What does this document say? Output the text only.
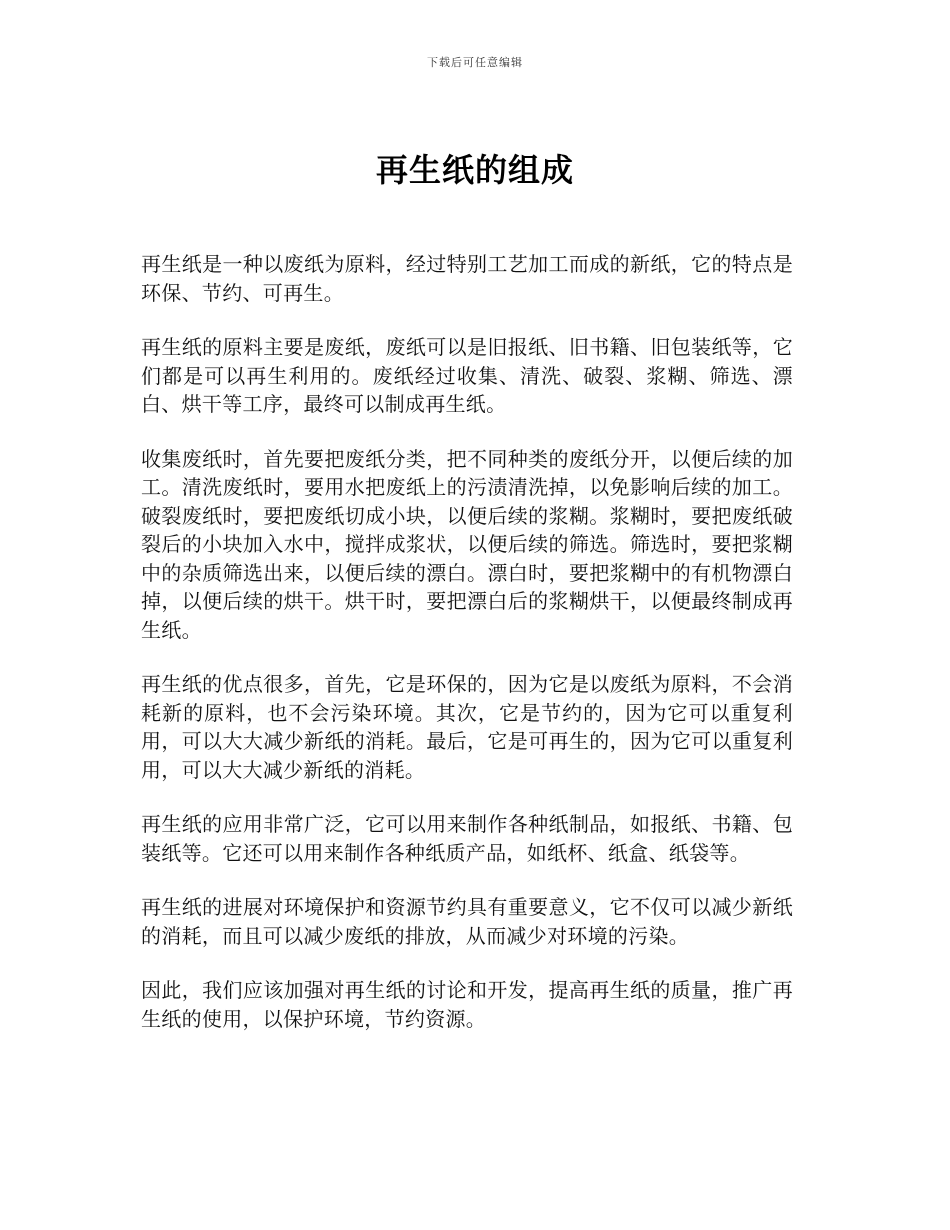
下载后可任意编辑
再生纸的组成

再生纸是一种以废纸为原料，经过特别工艺加工而成的新纸，它的特点是环保、节约、可再生。

再生纸的原料主要是废纸，废纸可以是旧报纸、旧书籍、旧包装纸等，它们都是可以再生利用的。废纸经过收集、清洗、破裂、浆糊、筛选、漂白、烘干等工序，最终可以制成再生纸。

收集废纸时，首先要把废纸分类，把不同种类的废纸分开，以便后续的加工。清洗废纸时，要用水把废纸上的污渍清洗掉，以免影响后续的加工。破裂废纸时，要把废纸切成小块，以便后续的浆糊。浆糊时，要把废纸破裂后的小块加入水中，搅拌成浆状，以便后续的筛选。筛选时，要把浆糊中的杂质筛选出来，以便后续的漂白。漂白时，要把浆糊中的有机物漂白掉，以便后续的烘干。烘干时，要把漂白后的浆糊烘干，以便最终制成再生纸。

再生纸的优点很多，首先，它是环保的，因为它是以废纸为原料，不会消耗新的原料，也不会污染环境。其次，它是节约的，因为它可以重复利用，可以大大减少新纸的消耗。最后，它是可再生的，因为它可以重复利用，可以大大减少新纸的消耗。

再生纸的应用非常广泛，它可以用来制作各种纸制品，如报纸、书籍、包装纸等。它还可以用来制作各种纸质产品，如纸杯、纸盒、纸袋等。

再生纸的进展对环境保护和资源节约具有重要意义，它不仅可以减少新纸的消耗，而且可以减少废纸的排放，从而减少对环境的污染。

因此，我们应该加强对再生纸的讨论和开发，提高再生纸的质量，推广再生纸的使用，以保护环境，节约资源。
